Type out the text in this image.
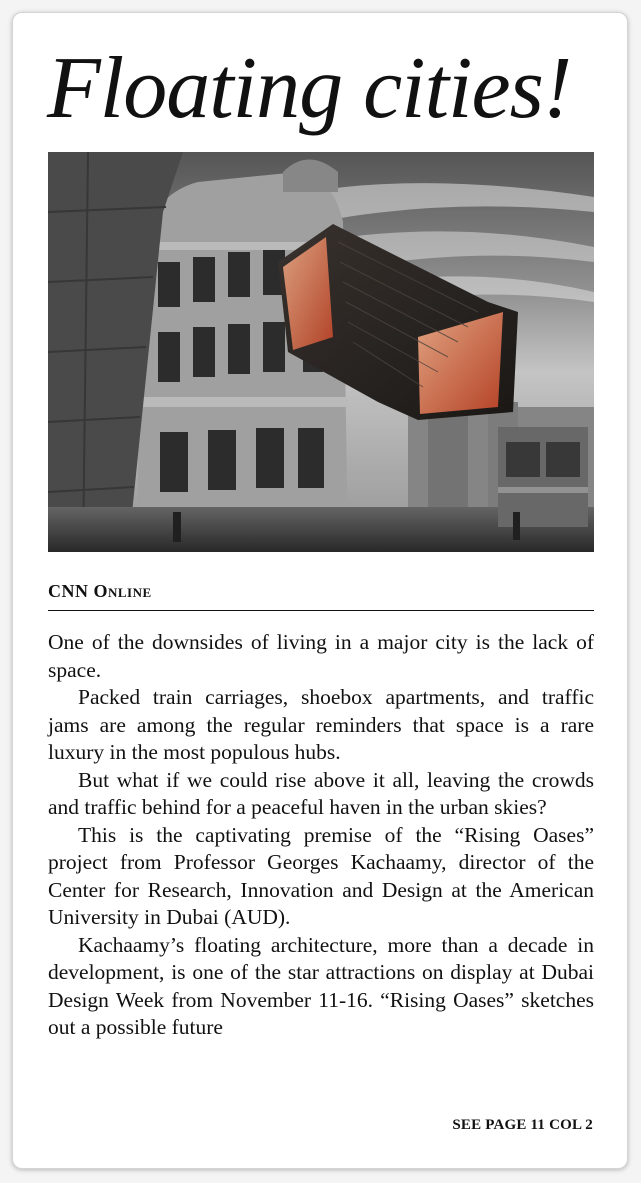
Floating cities!
CNN Online

One of the downsides of living in a major city is the lack of space.

Packed train carriages, shoebox apartments, and traffic jams are among the regular reminders that space is a rare luxury in the most populous hubs.

But what if we could rise above it all, leaving the crowds and traffic behind for a peaceful haven in the urban skies?

This is the captivating premise of the “Rising Oases” project from Professor Georges Kachaamy, director of the Center for Research, Innovation and Design at the American University in Dubai (AUD).

Kachaamy’s floating architecture, more than a decade in development, is one of the star attractions on display at Dubai Design Week from November 11-16. “Rising Oases” sketches out a possible future

SEE PAGE 11 COL 2
